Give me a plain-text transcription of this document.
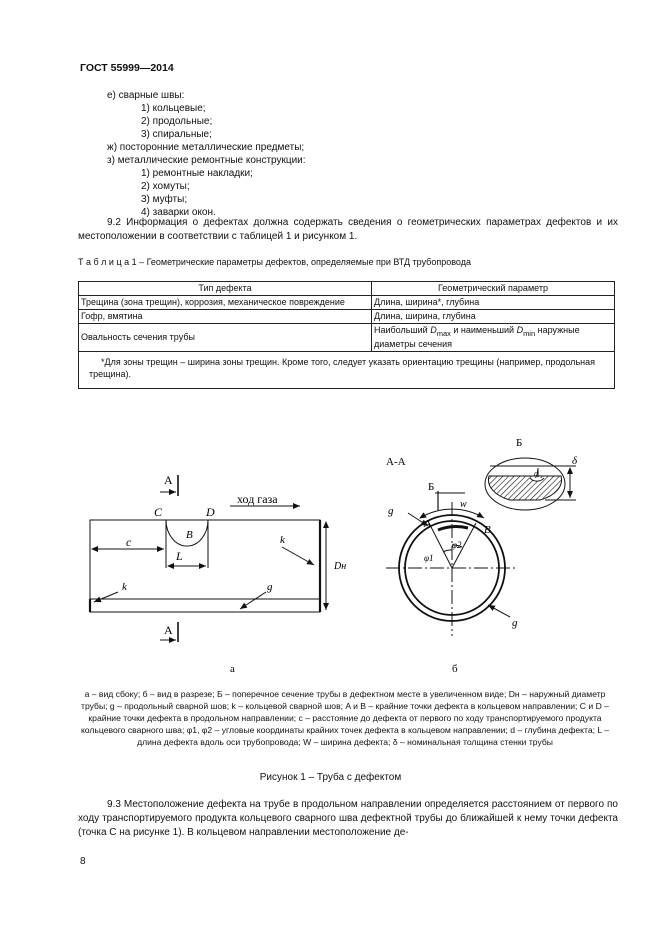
ГОСТ 55999—2014
е) сварные швы:
1) кольцевые;
2) продольные;
3) спиральные;
ж) посторонние металлические предметы;
з) металлические ремонтные конструкции:
1) ремонтные накладки;
2) хомуты;
3) муфты;
4) заварки окон.
9.2 Информация о дефектах должна содержать сведения о геометрических параметрах дефектов и их местоположении в соответствии с таблицей 1 и рисунком 1.
Т а б л и ц а 1 – Геометрические параметры дефектов, определяемые при ВТД трубопровода
Тип дефекта	Геометрический параметр
Трещина (зона трещин), коррозия, механическое повреждение	Длина, ширина*, глубина
Гофр, вмятина	Длина, ширина, глубина
Овальность сечения трубы	Наибольший $D_{max}$ и наименьший $D_{min}$ наружные диаметры сечения
*Для зоны трещин – ширина зоны трещин. Кроме того, следует указать ориентацию трещины (например, продольная трещина).	
А
А
ход газа
C	D
B
L
c	k
k	g
Dн
а
А-А
Б
w
g
g
A	B
φ1
φ2
б
Б
d
δ
а – вид сбоку; б – вид в разрезе; Б – поперечное сечение трубы в дефектном месте в увеличенном виде; Dн – наружный диаметр трубы; g – продольный сварной шов; k – кольцевой сварной шов; A и B – крайние точки дефекта в кольцевом направлении; C и D – крайние точки дефекта в продольном направлении; c – расстояние до дефекта от первого по ходу транспортируемого продукта кольцевого сварного шва; φ1, φ2 – угловые координаты крайних точек дефекта в кольцевом направлении; d – глубина дефекта; L – длина дефекта вдоль оси трубопровода; W – ширина дефекта; δ – номинальная толщина стенки трубы
Рисунок 1 – Труба с дефектом
9.3 Местоположение дефекта на трубе в продольном направлении определяется расстоянием от первого по ходу транспортируемого продукта кольцевого сварного шва дефектной трубы до ближайшей к нему точки дефекта (точка С на рисунке 1). В кольцевом направлении местоположение де-
8
